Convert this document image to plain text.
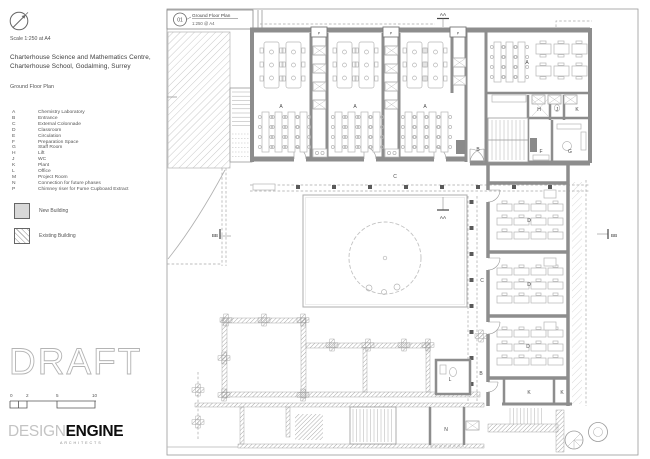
Scale 1:250 at A4
Charterhouse Science and Mathematics Centre,
Charterhouse School, Godalming, Surrey
Ground Floor Plan
A	Chemistry Laboratory
B	Entrance
C	External Colonnade
D	Classroom
E	Circulation
F	Preparation Space
G	Staff Room
H	Lift
J	WC
K	Plant
L	Office
M	Project Room
N	Connection for future phases
P	Chimney riser for Fume Cupboard Extract
New Building
Existing Building
DRAFT
0	2	5	10
DESIGNENGINE
ARCHITECTS
01
Ground Floor Plan
1:250 @ A4
AA
AA
BB	BB
A	A	A
A
B
B
C
C
D
D
D
F	G
H	J	K
K	K
L
N
P	P	P
